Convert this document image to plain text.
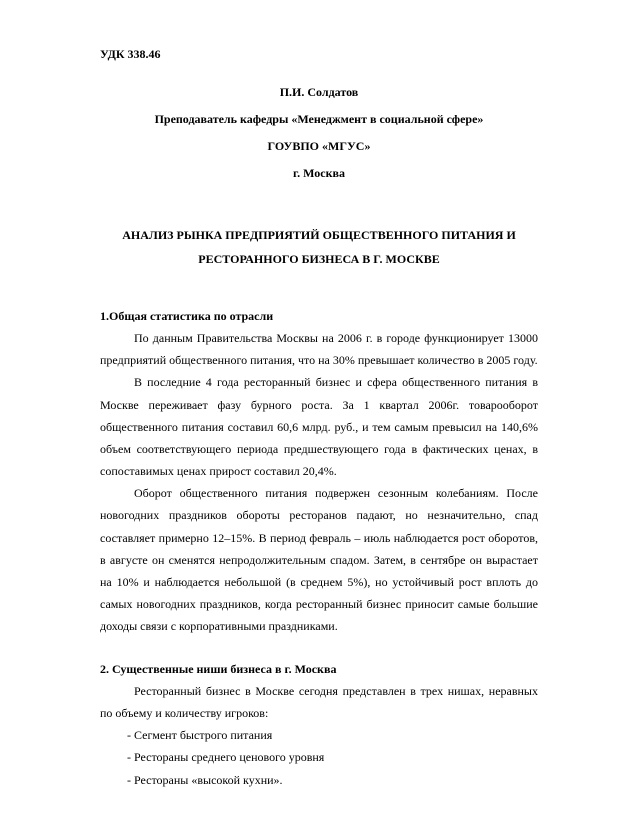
УДК 338.46

П.И. Солдатов
Преподаватель кафедры «Менеджмент в социальной сфере»
ГОУВПО «МГУС»
г. Москва
АНАЛИЗ РЫНКА ПРЕДПРИЯТИЙ ОБЩЕСТВЕННОГО ПИТАНИЯ И
РЕСТОРАННОГО БИЗНЕСА В Г. МОСКВЕ
1.Общая статистика по отрасли

По данным Правительства Москвы на 2006 г. в городе функционирует 13000 предприятий общественного питания, что на 30% превышает количество в 2005 году.

В последние 4 года ресторанный бизнес и сфера общественного питания в Москве переживает фазу бурного роста. За 1 квартал 2006г. товарооборот общественного питания составил 60,6 млрд. руб., и тем самым превысил на 140,6% объем соответствующего периода предшествующего года в фактических ценах, в сопоставимых ценах прирост составил 20,4%.

Оборот общественного питания подвержен сезонным колебаниям. После новогодних праздников обороты ресторанов падают, но незначительно, спад составляет примерно 12–15%. В период февраль – июль наблюдается рост оборотов, в августе он сменятся непродолжительным спадом. Затем, в сентябре он вырастает на 10% и наблюдается небольшой (в среднем 5%), но устойчивый рост вплоть до самых новогодних праздников, когда ресторанный бизнес приносит самые большие доходы связи с корпоративными праздниками.

2. Существенные ниши бизнеса в г. Москва

Ресторанный бизнес в Москве сегодня представлен в трех нишах, неравных по объему и количеству игроков:

- Сегмент быстрого питания

- Рестораны среднего ценового уровня

- Рестораны «высокой кухни».
